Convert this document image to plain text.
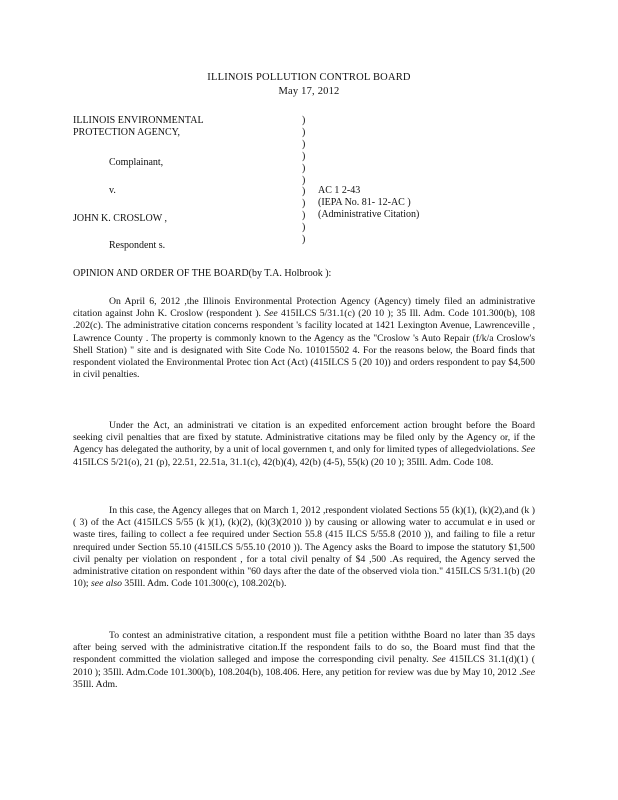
ILLINOIS POLLUTION CONTROL BOARD
May 17, 2012
ILLINOIS ENVIRONMENTAL
PROTECTION AGENCY,
Complainant,
v.
JOHN K. CROSLOW ,
Respondent s.
)
)
)
)
)
)
)
)
)
)
)
AC 1 2-43
(IEPA No. 81- 12-AC )
(Administrative Citation)
OPINION AND ORDER OF THE BOARD(by T.A. Holbrook ):
On April 6, 2012 ,the Illinois Environmental Protection Agency (Agency) timely filed an administrative citation against John K. Croslow (respondent ). See 415ILCS 5/31.1(c) (20 10 ); 35 Ill. Adm. Code 101.300(b), 108 .202(c). The administrative citation concerns respondent 's facility located at 1421 Lexington Avenue, Lawrenceville , Lawrence County . The property is commonly known to the Agency as the "Croslow 's Auto Repair (f/k/a Croslow's Shell Station) " site and is designated with Site Code No. 101015502 4. For the reasons below, the Board finds that respondent violated the Environmental Protec tion Act (Act) (415ILCS 5 (20 10)) and orders respondent to pay $4,500 in civil penalties.
Under the Act, an administrati ve citation is an expedited enforcement action brought before the Board seeking civil penalties that are fixed by statute. Administrative citations may be filed only by the Agency or, if the Agency has delegated the authority, by a unit of local governmen t, and only for limited types of allegedviolations. See 415ILCS 5/21(o), 21 (p), 22.51, 22.51a, 31.1(c), 42(b)(4), 42(b) (4-5), 55(k) (20 10 ); 35Ill. Adm. Code 108.
In this case, the Agency alleges that on March 1, 2012 ,respondent violated Sections 55 (k)(1), (k)(2),and (k )( 3) of the Act (415ILCS 5/55 (k )(1), (k)(2), (k)(3)(2010 )) by causing or allowing water to accumulat e in used or waste tires, failing to collect a fee required under Section 55.8 (415 ILCS 5/55.8 (2010 )), and failing to file a retur nrequired under Section 55.10 (415ILCS 5/55.10 (2010 )). The Agency asks the Board to impose the statutory $1,500 civil penalty per violation on respondent , for a total civil penalty of $4 ,500 .As required, the Agency served the administrative citation on respondent within "60 days after the date of the observed viola tion." 415ILCS 5/31.1(b) (20 10); see also 35Ill. Adm. Code 101.300(c), 108.202(b).
To contest an administrative citation, a respondent must file a petition withthe Board no later than 35 days after being served with the administrative citation.If the respondent fails to do so, the Board must find that the respondent committed the violation salleged and impose the corresponding civil penalty. See 415ILCS 31.1(d)(1) ( 2010 ); 35Ill. Adm.Code 101.300(b), 108.204(b), 108.406. Here, any petition for review was due by May 10, 2012 .See 35Ill. Adm.
